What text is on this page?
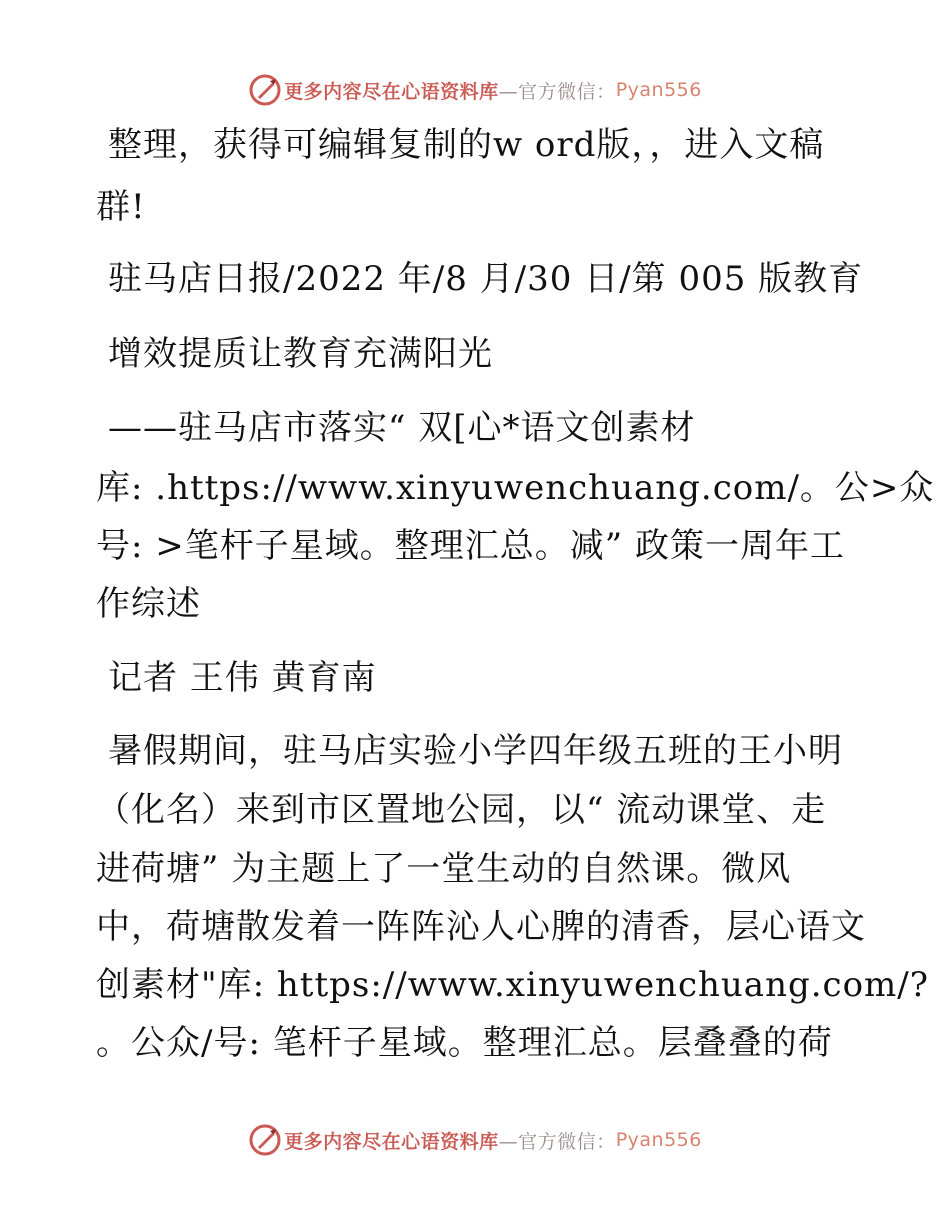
更多内容尽在心语资料库 —官方微信： Pyan556
整理，获得可编辑复制的w ord版，，进入文稿
群!
驻马店日报/2022 年/8 月/30 日/第 005 版教育
增效提质让教育充满阳光
——驻马店市落实“ 双[心*语文创素材
库: .https://www.xinyuwenchuang.com/。公>众
号: >笔杆子星域。整理汇总。减” 政策一周年工
作综述
记者 王伟 黄育南
暑假期间，驻马店实验小学四年级五班的王小明
（化名）来到市区置地公园，以“ 流动课堂、走
进荷塘” 为主题上了一堂生动的自然课。微风
中，荷塘散发着一阵阵沁人心脾的清香，层心语文
创素材"库: https://www.xinyuwenchuang.com/?
。公众/号: 笔杆子星域。整理汇总。层叠叠的荷
更多内容尽在心语资料库 —官方微信： Pyan556
